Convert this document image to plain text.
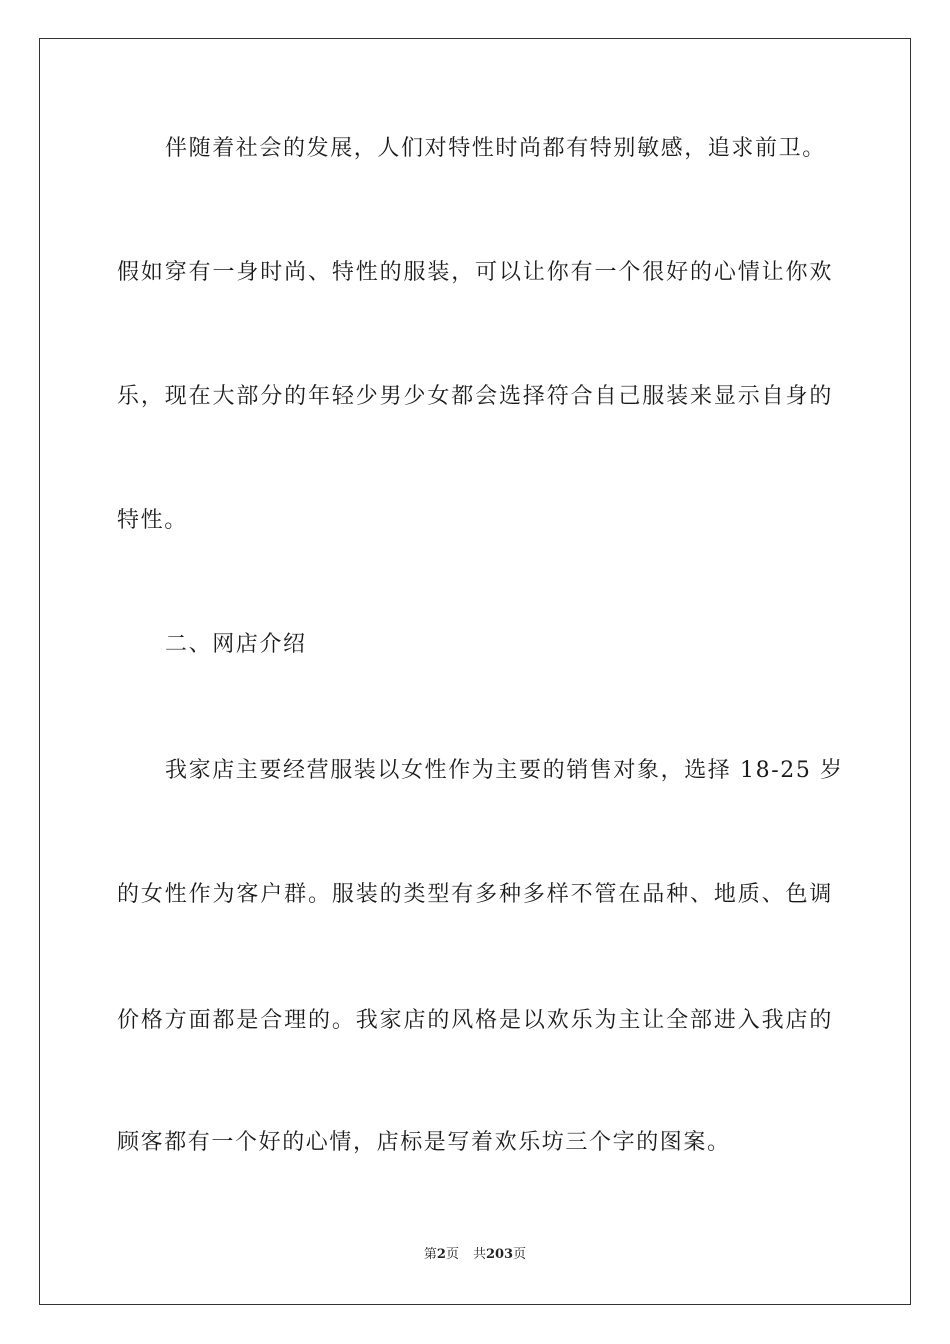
伴随着社会的发展，人们对特性时尚都有特别敏感，追求前卫。
假如穿有一身时尚、特性的服装，可以让你有一个很好的心情让你欢
乐，现在大部分的年轻少男少女都会选择符合自己服装来显示自身的
特性。
二、网店介绍
我家店主要经营服装以女性作为主要的销售对象，选择 18-25 岁
的女性作为客户群。服装的类型有多种多样不管在品种、地质、色调
价格方面都是合理的。我家店的风格是以欢乐为主让全部进入我店的
顾客都有一个好的心情，店标是写着欢乐坊三个字的图案。
第2页 共203页
